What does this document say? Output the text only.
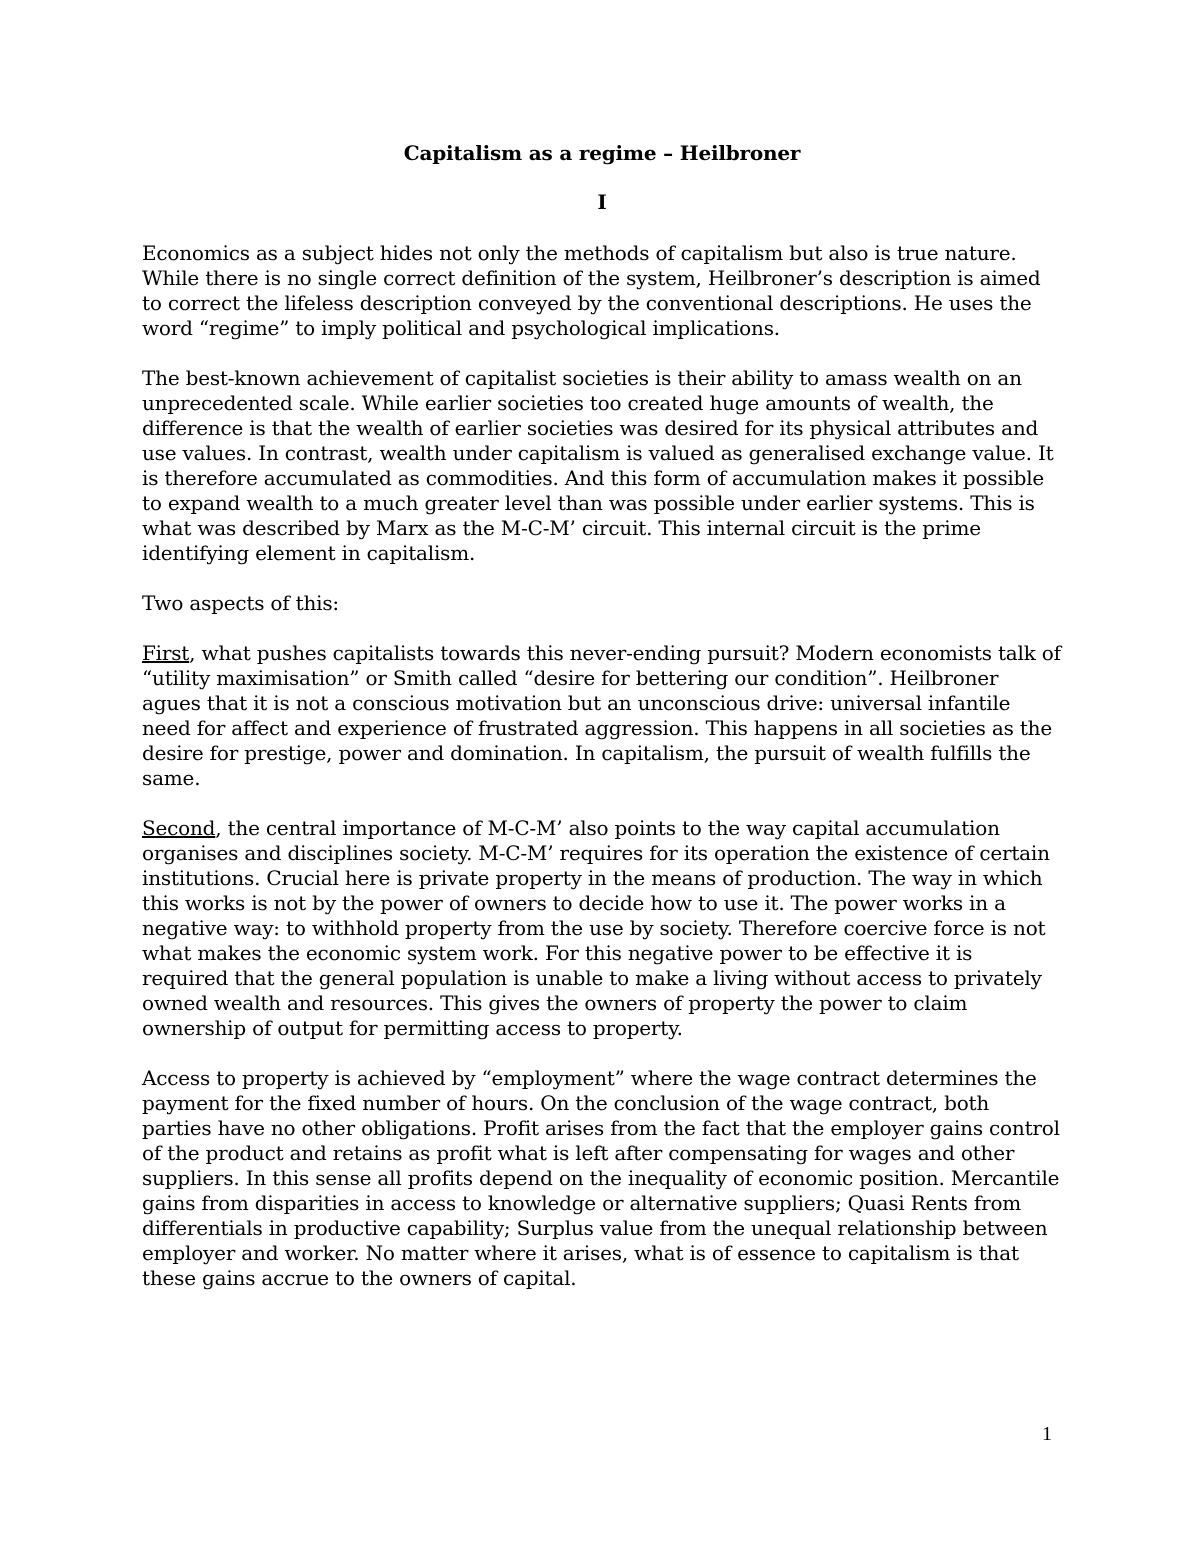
Capitalism as a regime – Heilbroner
I

Economics as a subject hides not only the methods of capitalism but also is true nature. While there is no single correct definition of the system, Heilbroner’s description is aimed to correct the lifeless description conveyed by the conventional descriptions. He uses the word “regime” to imply political and psychological implications.

The best-known achievement of capitalist societies is their ability to amass wealth on an unprecedented scale. While earlier societies too created huge amounts of wealth, the difference is that the wealth of earlier societies was desired for its physical attributes and use values. In contrast, wealth under capitalism is valued as generalised exchange value. It is therefore accumulated as commodities. And this form of accumulation makes it possible to expand wealth to a much greater level than was possible under earlier systems. This is what was described by Marx as the M-C-M’ circuit. This internal circuit is the prime identifying element in capitalism.

Two aspects of this:

First, what pushes capitalists towards this never-ending pursuit? Modern economists talk of “utility maximisation” or Smith called “desire for bettering our condition”. Heilbroner agues that it is not a conscious motivation but an unconscious drive: universal infantile need for affect and experience of frustrated aggression. This happens in all societies as the desire for prestige, power and domination. In capitalism, the pursuit of wealth fulfills the same.

Second, the central importance of M-C-M’ also points to the way capital accumulation organises and disciplines society. M-C-M’ requires for its operation the existence of certain institutions. Crucial here is private property in the means of production. The way in which this works is not by the power of owners to decide how to use it. The power works in a negative way: to withhold property from the use by society. Therefore coercive force is not what makes the economic system work. For this negative power to be effective it is required that the general population is unable to make a living without access to privately owned wealth and resources. This gives the owners of property the power to claim ownership of output for permitting access to property.

Access to property is achieved by “employment” where the wage contract determines the payment for the fixed number of hours. On the conclusion of the wage contract, both parties have no other obligations. Profit arises from the fact that the employer gains control of the product and retains as profit what is left after compensating for wages and other suppliers. In this sense all profits depend on the inequality of economic position. Mercantile gains from disparities in access to knowledge or alternative suppliers; Quasi Rents from differentials in productive capability; Surplus value from the unequal relationship between employer and worker. No matter where it arises, what is of essence to capitalism is that these gains accrue to the owners of capital.

1
